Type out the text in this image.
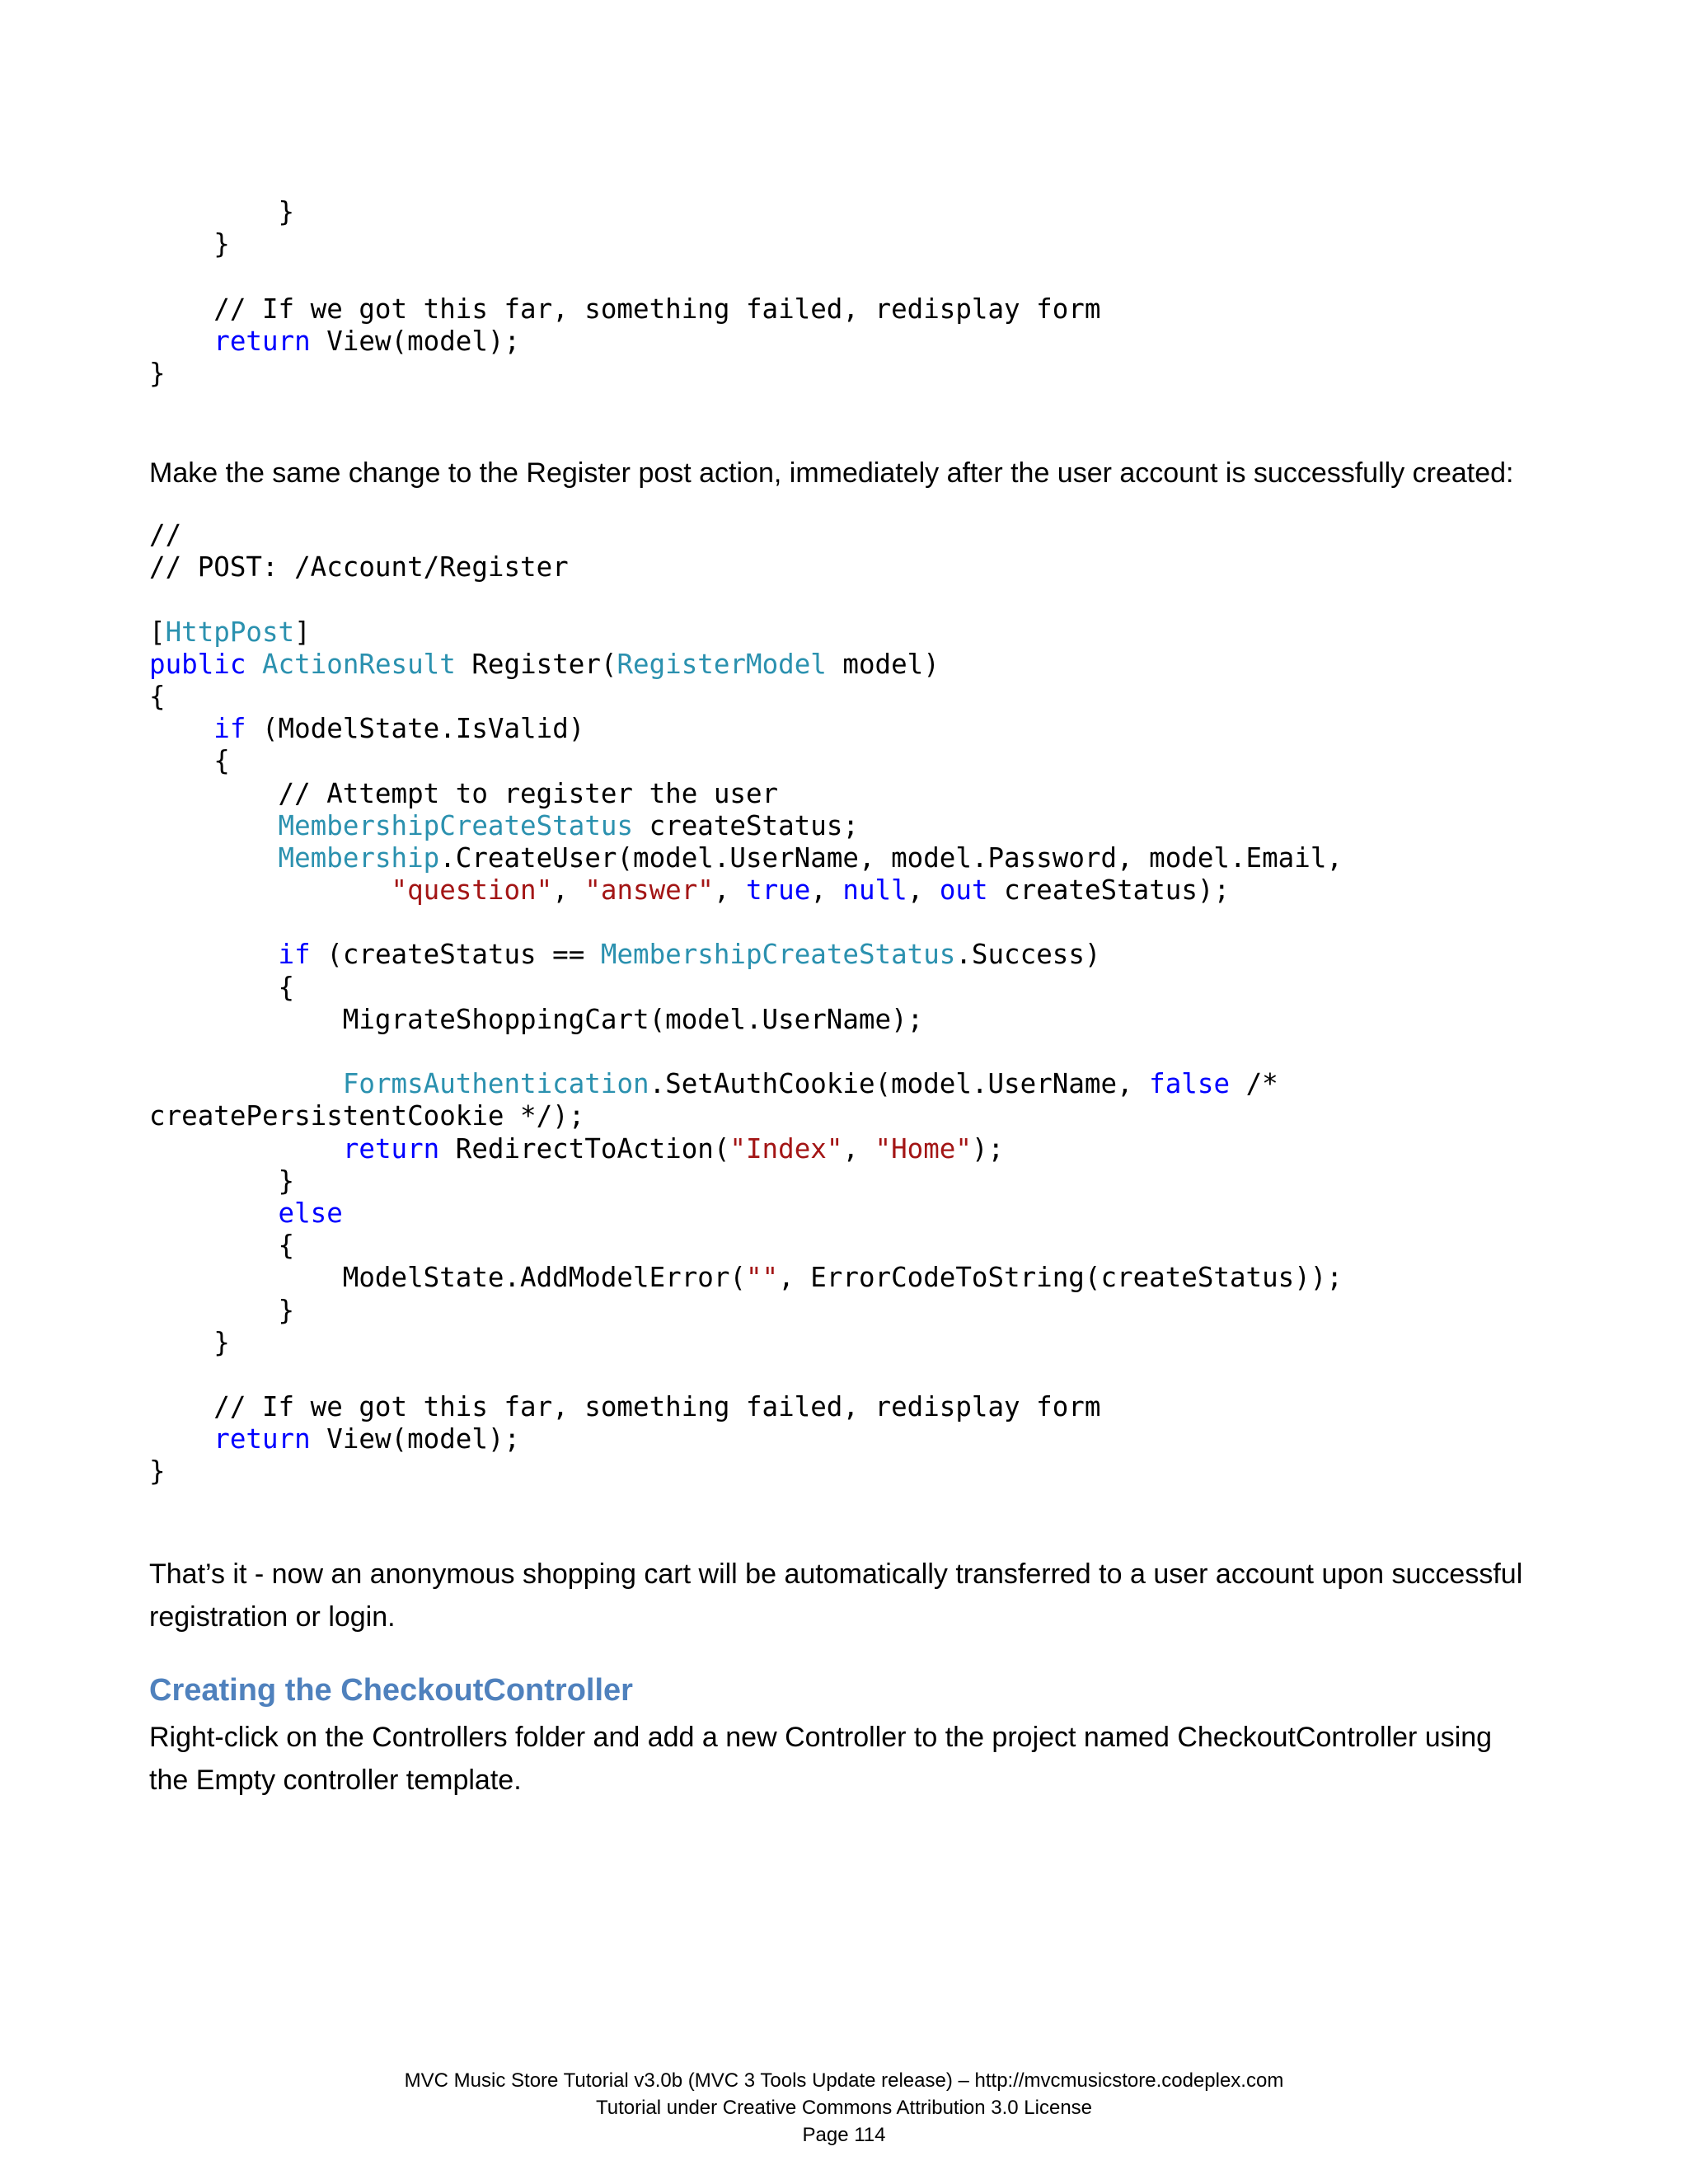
}
}
// If we got this far, something failed, redisplay form
return View(model);
}

Make the same change to the Register post action, immediately after the user account is successfully created:

//
// POST: /Account/Register
[HttpPost]
public ActionResult Register(RegisterModel model)
{
if (ModelState.IsValid)
{
// Attempt to register the user
MembershipCreateStatus createStatus;
Membership.CreateUser(model.UserName, model.Password, model.Email,
"question", "answer", true, null, out createStatus);
if (createStatus == MembershipCreateStatus.Success)
{
MigrateShoppingCart(model.UserName);
FormsAuthentication.SetAuthCookie(model.UserName, false /*
createPersistentCookie */);
return RedirectToAction("Index", "Home");
}
else
{
ModelState.AddModelError("", ErrorCodeToString(createStatus));
}
}
// If we got this far, something failed, redisplay form
return View(model);
}

That’s it - now an anonymous shopping cart will be automatically transferred to a user account upon successful registration or login.

Creating the CheckoutController

Right-click on the Controllers folder and add a new Controller to the project named CheckoutController using the Empty controller template.

MVC Music Store Tutorial v3.0b (MVC 3 Tools Update release) – http://mvcmusicstore.codeplex.com
Tutorial under Creative Commons Attribution 3.0 License
Page 114
